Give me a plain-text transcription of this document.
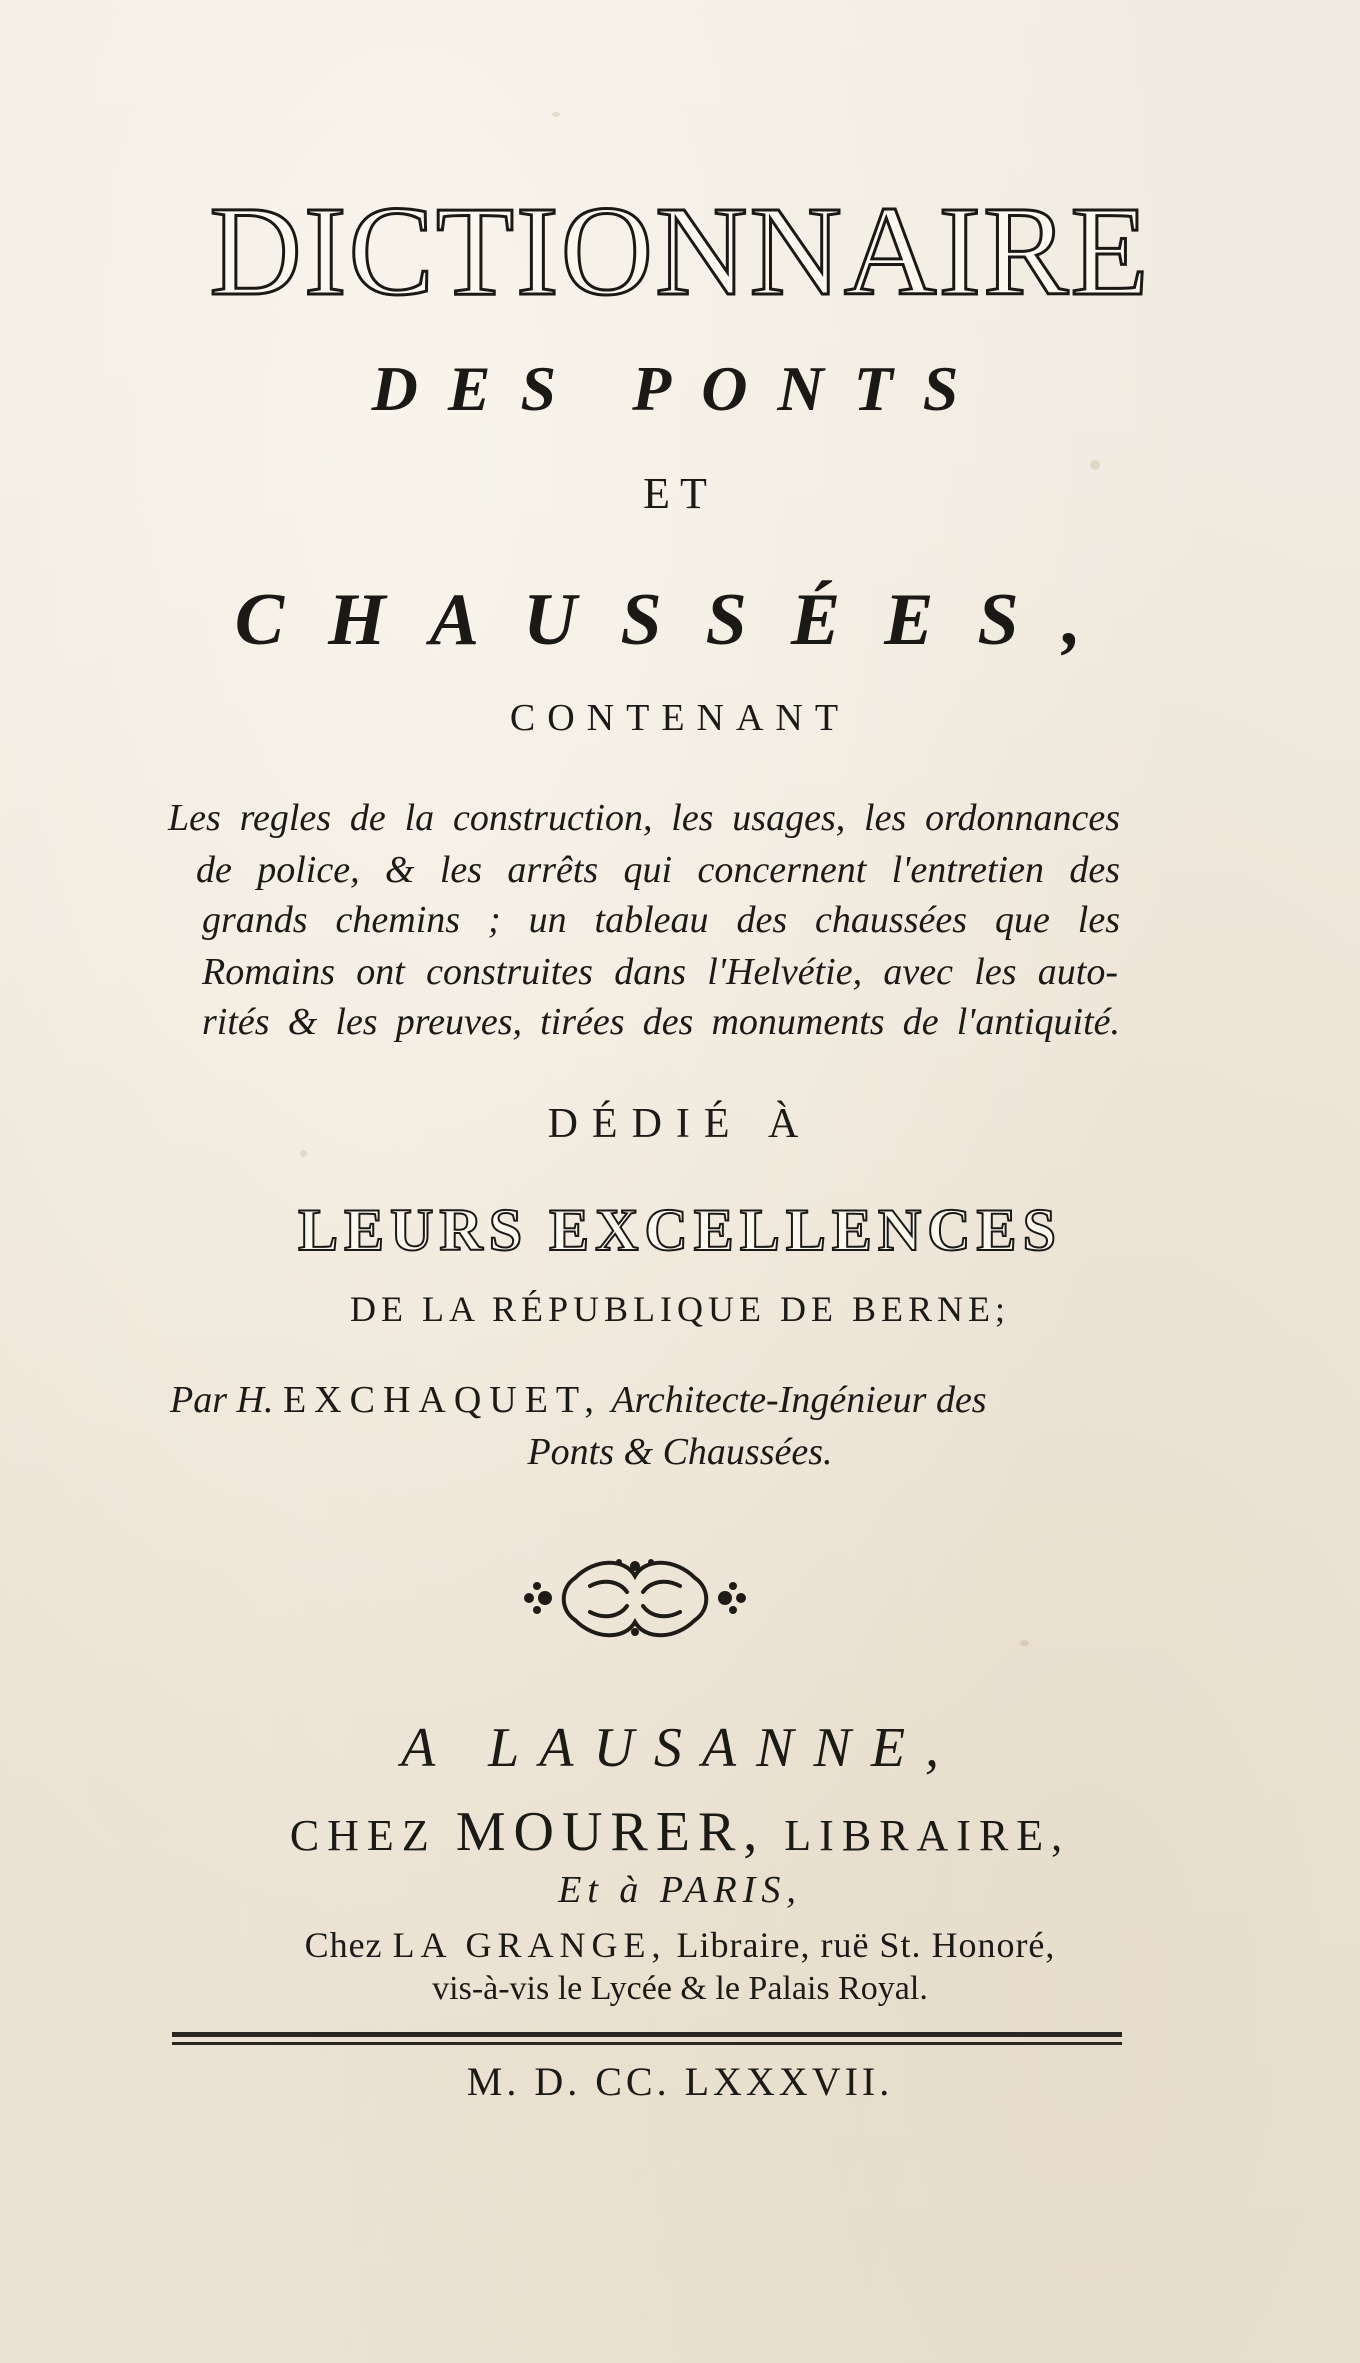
DICTIONNAIRE
DES PONTS
ET
CHAUSSÉES,
CONTENANT
Les regles de la construction, les usages, les ordonnances
de police, & les arrêts qui concernent l'entretien des
grands chemins ; un tableau des chaussées que les
Romains ont construites dans l'Helvétie, avec les auto-
rités & les preuves, tirées des monuments de l'antiquité.
DÉDIÉ À
LEURS EXCELLENCES
DE LA RÉPUBLIQUE DE BERNE;
Par H. EXCHAQUET, Architecte-Ingénieur des
Ponts & Chaussées.
A LAUSANNE,
CHEZ MOURER, LIBRAIRE,
Et à PARIS,
Chez LA GRANGE, Libraire, ruë St. Honoré,
vis-à-vis le Lycée & le Palais Royal.
M. D. CC. LXXXVII.
